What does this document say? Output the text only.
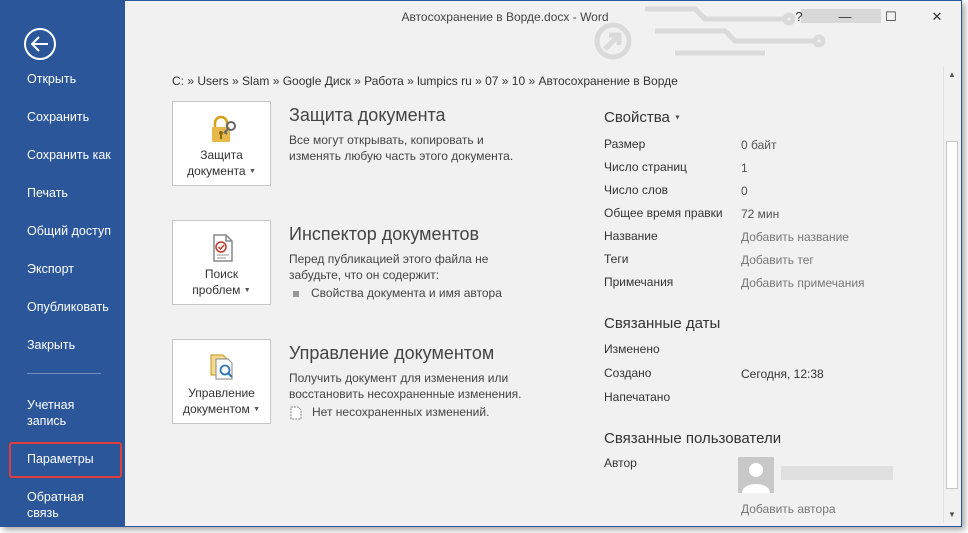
Открыть
Сохранить
Сохранить как
Печать
Общий доступ
Экспорт
Опубликовать
Закрыть
Учетная запись
Параметры
Обратная связь
Автосохранение в Ворде.docx - Word	?	—	☐	✕
C: » Users » Slam » Google Диск » Работа » lumpics ru » 07 » 10 » Автосохранение в Ворде
Защита
документа ▼
Защита документа
Все могут открывать, копировать и изменять любую часть этого документа.
Поиск
проблем ▼
Инспектор документов
Перед публикацией этого файла не забудьте, что он содержит:
Свойства документа и имя автора
Управление
документом ▼
Управление документом
Получить документ для изменения или восстановить несохраненные изменения.
Нет несохраненных изменений.
Свойства ▼
Размер	0 байт
Число страниц	1
Число слов	0
Общее время правки 72 мин
Название	Добавить название
Теги	Добавить тег
Примечания	Добавить примечания
Связанные даты
Изменено
Создано	Сегодня, 12:38
Напечатано
Связанные пользователи
Автор
Добавить автора
▲
▼
